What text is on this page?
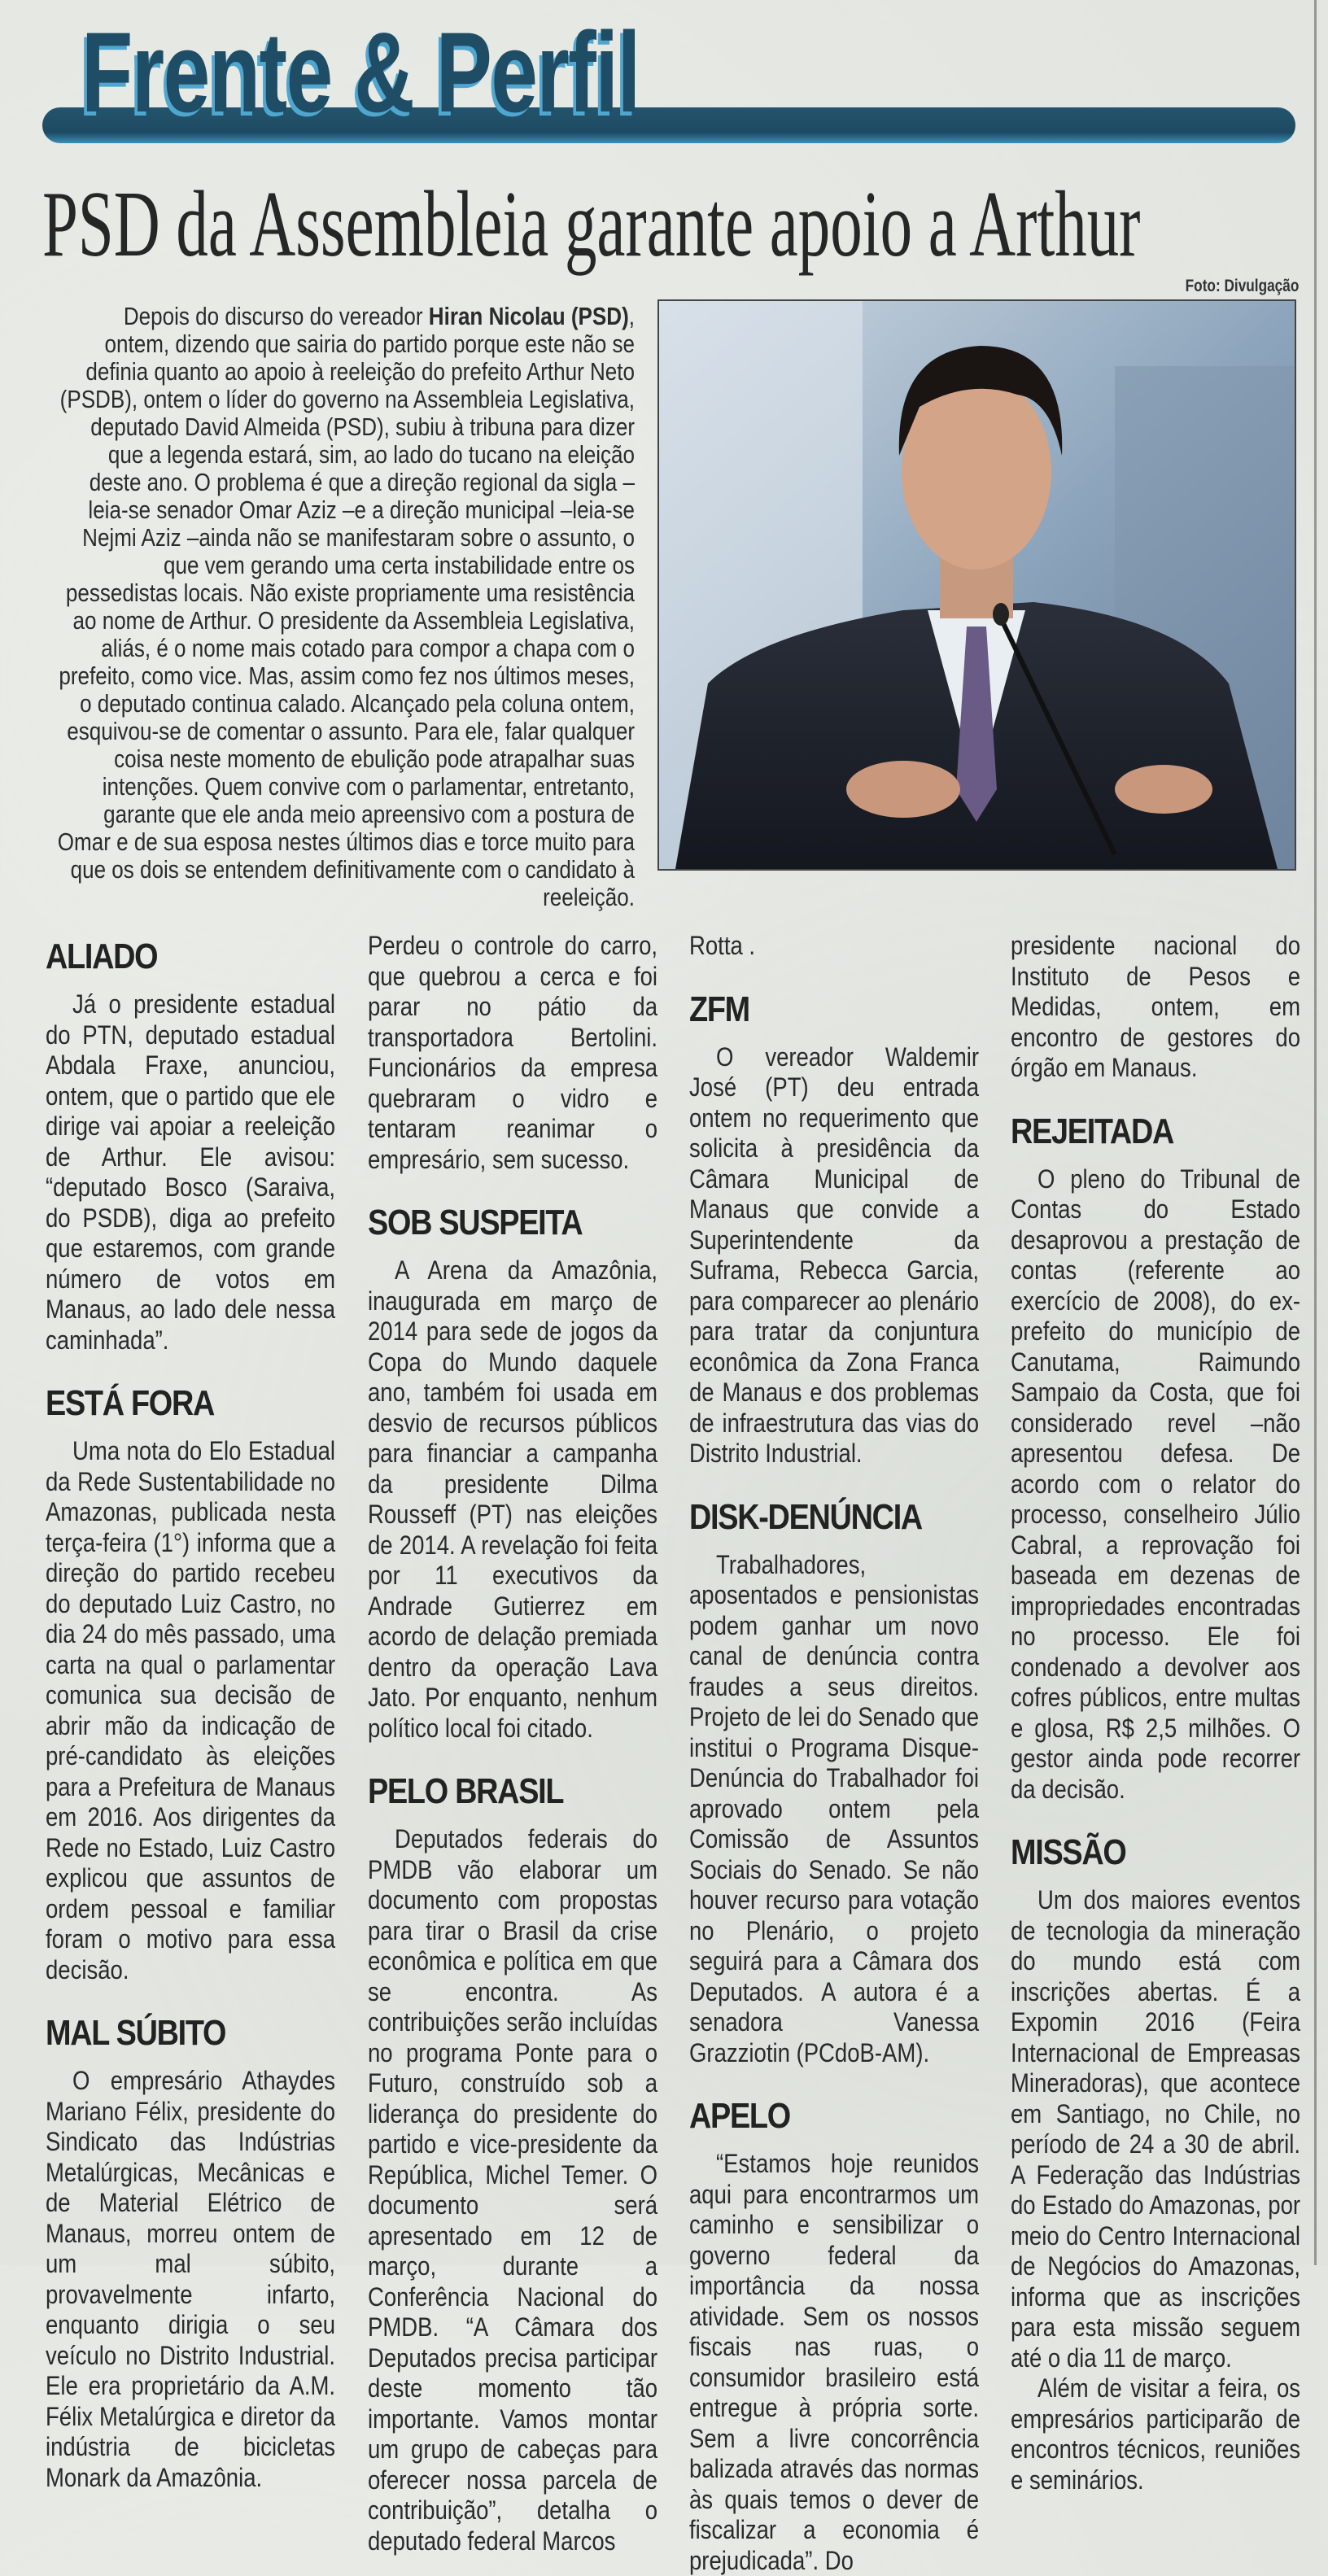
Frente & Perfil
PSD da Assembleia garante apoio a Arthur
Foto: Divulgação
Depois do discurso do vereador Hiran Nicolau (PSD), ontem, dizendo que sairia do partido porque este não se definia quanto ao apoio à reeleição do prefeito Arthur Neto (PSDB), ontem o líder do governo na Assembleia Legislativa, deputado David Almeida (PSD), subiu à tribuna para dizer que a legenda estará, sim, ao lado do tucano na eleição deste ano. O problema é que a direção regional da sigla – leia-se senador Omar Aziz –e a direção municipal –leia-se Nejmi Aziz –ainda não se manifestaram sobre o assunto, o que vem gerando uma certa instabilidade entre os pessedistas locais. Não existe propriamente uma resistência ao nome de Arthur. O presidente da Assembleia Legislativa, aliás, é o nome mais cotado para compor a chapa com o prefeito, como vice. Mas, assim como fez nos últimos meses, o deputado continua calado. Alcançado pela coluna ontem, esquivou-se de comentar o assunto. Para ele, falar qualquer coisa neste momento de ebulição pode atrapalhar suas intenções. Quem convive com o parlamentar, entretanto, garante que ele anda meio apreensivo com a postura de Omar e de sua esposa nestes últimos dias e torce muito para que os dois se entendem definitivamente com o candidato à reeleição.
ALIADO

Já o presidente estadual do PTN, deputado estadual Abdala Fraxe, anunciou, ontem, que o partido que ele dirige vai apoiar a reeleição de Arthur. Ele avisou: “deputado Bosco (Saraiva, do PSDB), diga ao prefeito que estaremos, com grande número de votos em Manaus, ao lado dele nessa caminhada”.

ESTÁ FORA

Uma nota do Elo Estadual da Rede Sustentabilidade no Amazonas, publicada nesta terça-feira (1°) informa que a direção do partido recebeu do deputado Luiz Castro, no dia 24 do mês passado, uma carta na qual o parlamentar comunica sua decisão de abrir mão da indicação de pré-candidato às eleições para a Prefeitura de Manaus em 2016. Aos dirigentes da Rede no Estado, Luiz Castro explicou que assuntos de ordem pessoal e familiar foram o motivo para essa decisão.

MAL SÚBITO

O empresário Athaydes Mariano Félix, presidente do Sindicato das Indústrias Metalúrgicas, Mecânicas e de Material Elétrico de Manaus, morreu ontem de um mal súbito, provavelmente infarto, enquanto dirigia o seu veículo no Distrito Industrial. Ele era proprietário da A.M. Félix Metalúrgica e diretor da indústria de bicicletas Monark da Amazônia.

Perdeu o controle do carro, que quebrou a cerca e foi parar no pátio da transportadora Bertolini. Funcionários da empresa quebraram o vidro e tentaram reanimar o empresário, sem sucesso.

SOB SUSPEITA

A Arena da Amazônia, inaugurada em março de 2014 para sede de jogos da Copa do Mundo daquele ano, também foi usada em desvio de recursos públicos para financiar a campanha da presidente Dilma Rousseff (PT) nas eleições de 2014. A revelação foi feita por 11 executivos da Andrade Gutierrez em acordo de delação premiada dentro da operação Lava Jato. Por enquanto, nenhum político local foi citado.

PELO BRASIL

Deputados federais do PMDB vão elaborar um documento com propostas para tirar o Brasil da crise econômica e política em que se encontra. As contribuições serão incluídas no programa Ponte para o Futuro, construído sob a liderança do presidente do partido e vice-presidente da República, Michel Temer. O documento será apresentado em 12 de março, durante a Conferência Nacional do PMDB. “A Câmara dos Deputados precisa participar deste momento tão importante. Vamos montar um grupo de cabeças para oferecer nossa parcela de contribuição”, detalha o deputado federal Marcos

Rotta .

ZFM

O vereador Waldemir José (PT) deu entrada ontem no requerimento que solicita à presidência da Câmara Municipal de Manaus que convide a Superintendente da Suframa, Rebecca Garcia, para comparecer ao plenário para tratar da conjuntura econômica da Zona Franca de Manaus e dos problemas de infraestrutura das vias do Distrito Industrial.

DISK-DENÚNCIA

Trabalhadores, aposentados e pensionistas podem ganhar um novo canal de denúncia contra fraudes a seus direitos. Projeto de lei do Senado que institui o Programa Disque-Denúncia do Trabalhador foi aprovado ontem pela Comissão de Assuntos Sociais do Senado. Se não houver recurso para votação no Plenário, o projeto seguirá para a Câmara dos Deputados. A autora é a senadora Vanessa Grazziotin (PCdoB-AM).

APELO

“Estamos hoje reunidos aqui para encontrarmos um caminho e sensibilizar o governo federal da importância da nossa atividade. Sem os nossos fiscais nas ruas, o consumidor brasileiro está entregue à própria sorte. Sem a livre concorrência balizada através das normas às quais temos o dever de fiscalizar a economia é prejudicada”. Do

presidente nacional do Instituto de Pesos e Medidas, ontem, em encontro de gestores do órgão em Manaus.

REJEITADA

O pleno do Tribunal de Contas do Estado desaprovou a prestação de contas (referente ao exercício de 2008), do ex-prefeito do município de Canutama, Raimundo Sampaio da Costa, que foi considerado revel –não apresentou defesa. De acordo com o relator do processo, conselheiro Júlio Cabral, a reprovação foi baseada em dezenas de impropriedades encontradas no processo. Ele foi condenado a devolver aos cofres públicos, entre multas e glosa, R$ 2,5 milhões. O gestor ainda pode recorrer da decisão.

MISSÃO

Um dos maiores eventos de tecnologia da mineração do mundo está com inscrições abertas. É a Expomin 2016 (Feira Internacional de Empreasas Mineradoras), que acontece em Santiago, no Chile, no período de 24 a 30 de abril. A Federação das Indústrias do Estado do Amazonas, por meio do Centro Internacional de Negócios do Amazonas, informa que as inscrições para esta missão seguem até o dia 11 de março.

Além de visitar a feira, os empresários participarão de encontros técnicos, reuniões e seminários.
